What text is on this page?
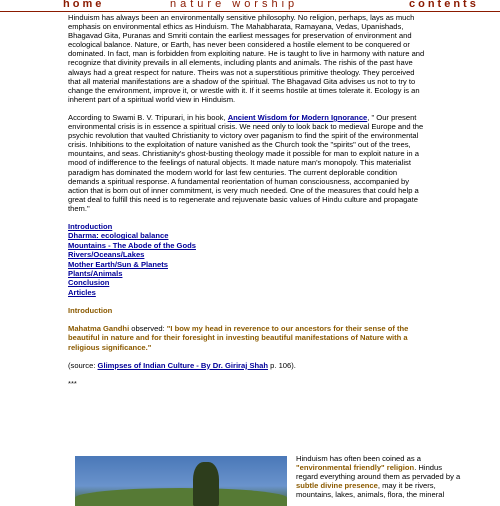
home	nature worship	contents

Hinduism has always been an environmentally sensitive philosophy. No religion, perhaps, lays as much emphasis on environmental ethics as Hinduism. The Mahabharata, Ramayana, Vedas, Upanishads, Bhagavad Gita, Puranas and Smriti contain the earliest messages for preservation of environment and ecological balance. Nature, or Earth, has never been considered a hostile element to be conquered or dominated. In fact, man is forbidden from exploiting nature. He is taught to live in harmony with nature and recognize that divinity prevails in all elements, including plants and animals. The rishis of the past have always had a great respect for nature. Theirs was not a superstitious primitive theology. They perceived that all material manifestations are a shadow of the spiritual. The Bhagavad Gita advises us not to try to change the environment, improve it, or wrestle with it. If it seems hostile at times tolerate it. Ecology is an inherent part of a spiritual world view in Hinduism.

According to Swami B. V. Tripurari, in his book, Ancient Wisdom for Modern Ignorance, " Our present environmental crisis is in essence a spiritual crisis. We need only to look back to medieval Europe and the psychic revolution that vaulted Christianity to victory over paganism to find the spirit of the environmental crisis. Inhibitions to the exploitation of nature vanished as the Church took the "spirits" out of the trees, mountains, and seas. Christianity's ghost-busting theology made it possible for man to exploit nature in a mood of indifference to the feelings of natural objects. It made nature man's monopoly. This materialist paradigm has dominated the modern world for last few centuries. The current deplorable condition demands a spiritual response. A fundamental reorientation of human consciousness, accompanied by action that is born out of inner commitment, is very much needed. One of the measures that could help a great deal to fulfill this need is to regenerate and rejuvenate basic values of Hindu culture and propagate them."

Introduction
Dharma: ecological balance
Mountains - The Abode of the Gods
Rivers/Oceans/Lakes
Mother Earth/Sun & Planets
Plants/Animals
Conclusion
Articles
Introduction

Mahatma Gandhi observed: "I bow my head in reverence to our ancestors for their sense of the beautiful in nature and for their foresight in investing beautiful manifestations of Nature with a religious significance."

(source: Glimpses of Indian Culture - By Dr. Giriraj Shah p. 106).

***
Hinduism has often been coined as a "environmental friendly" religion. Hindus regard everything around them as pervaded by a subtle divine presence, may it be rivers, mountains, lakes, animals, flora, the mineral
